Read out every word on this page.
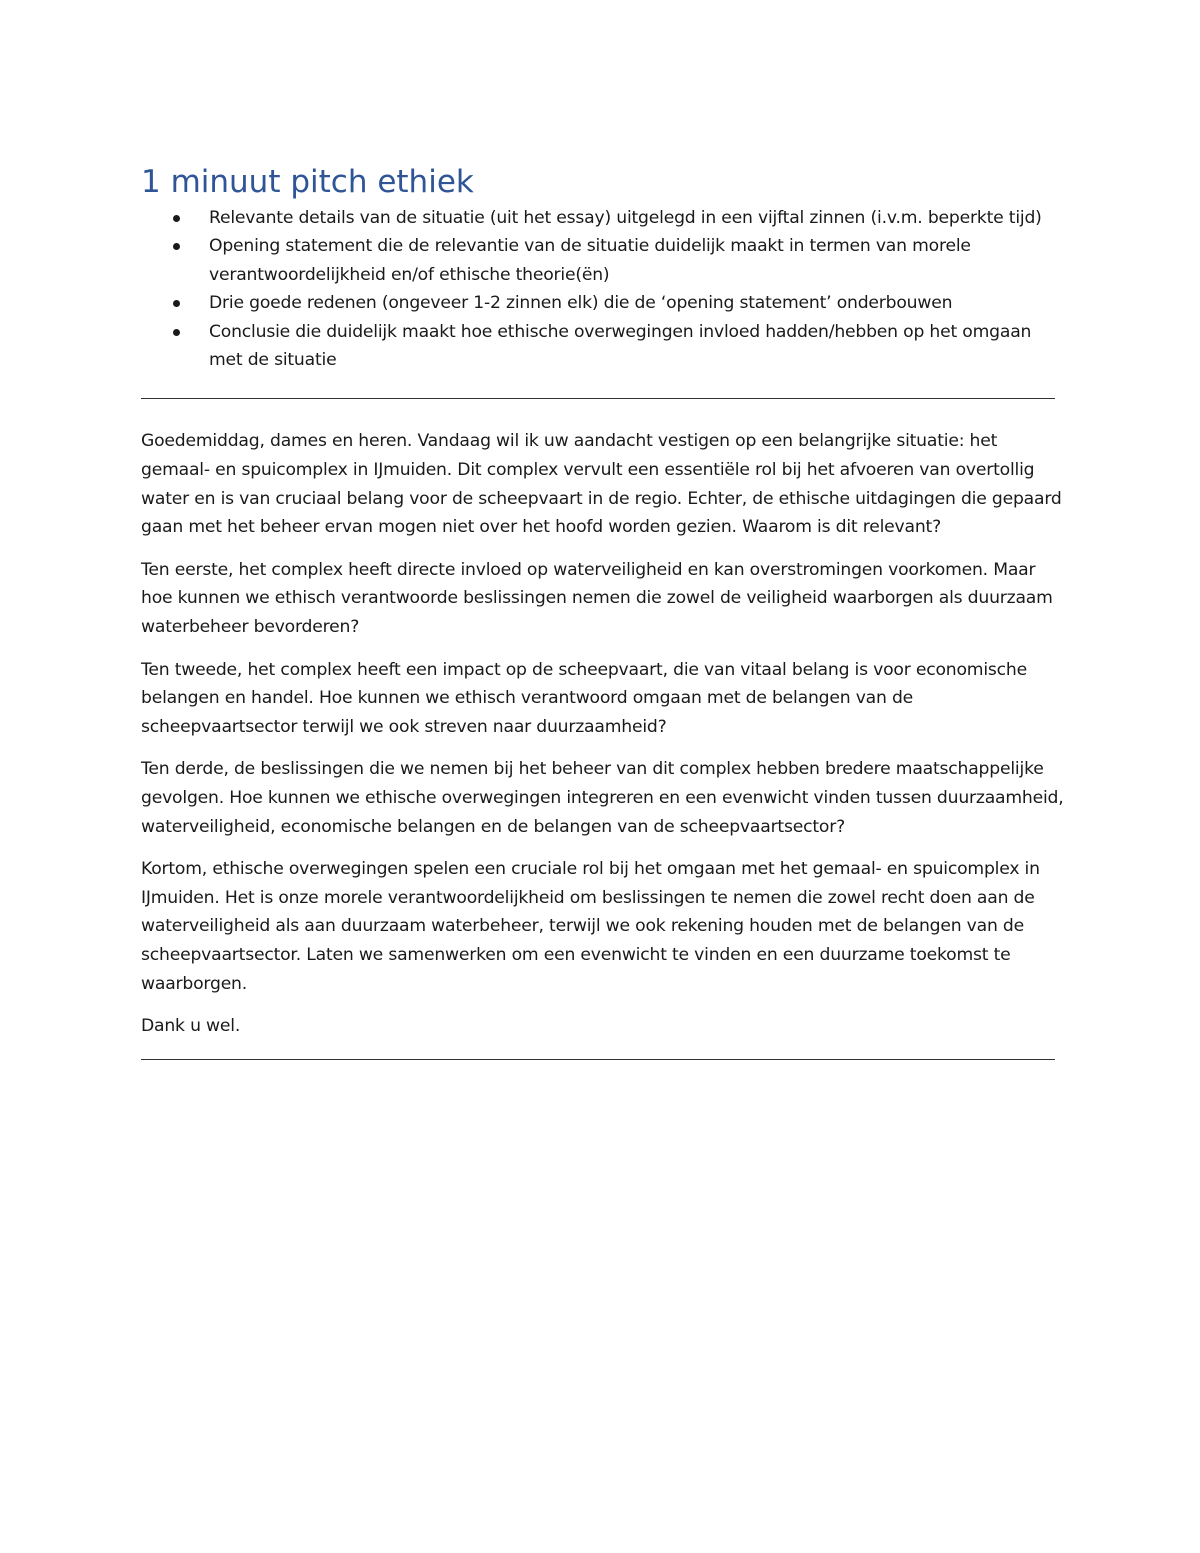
1 minuut pitch ethiek
Relevante details van de situatie (uit het essay) uitgelegd in een vijftal zinnen (i.v.m. beperkte tijd)
Opening statement die de relevantie van de situatie duidelijk maakt in termen van morele verantwoordelijkheid en/of ethische theorie(ën)
Drie goede redenen (ongeveer 1-2 zinnen elk) die de ‘opening statement’ onderbouwen
Conclusie die duidelijk maakt hoe ethische overwegingen invloed hadden/hebben op het omgaan met de situatie

Goedemiddag, dames en heren. Vandaag wil ik uw aandacht vestigen op een belangrijke situatie: het gemaal- en spuicomplex in IJmuiden. Dit complex vervult een essentiële rol bij het afvoeren van overtollig water en is van cruciaal belang voor de scheepvaart in de regio. Echter, de ethische uitdagingen die gepaard gaan met het beheer ervan mogen niet over het hoofd worden gezien. Waarom is dit relevant?

Ten eerste, het complex heeft directe invloed op waterveiligheid en kan overstromingen voorkomen. Maar hoe kunnen we ethisch verantwoorde beslissingen nemen die zowel de veiligheid waarborgen als duurzaam waterbeheer bevorderen?

Ten tweede, het complex heeft een impact op de scheepvaart, die van vitaal belang is voor economische belangen en handel. Hoe kunnen we ethisch verantwoord omgaan met de belangen van de scheepvaartsector terwijl we ook streven naar duurzaamheid?

Ten derde, de beslissingen die we nemen bij het beheer van dit complex hebben bredere maatschappelijke gevolgen. Hoe kunnen we ethische overwegingen integreren en een evenwicht vinden tussen duurzaamheid, waterveiligheid, economische belangen en de belangen van de scheepvaartsector?

Kortom, ethische overwegingen spelen een cruciale rol bij het omgaan met het gemaal- en spuicomplex in IJmuiden. Het is onze morele verantwoordelijkheid om beslissingen te nemen die zowel recht doen aan de waterveiligheid als aan duurzaam waterbeheer, terwijl we ook rekening houden met de belangen van de scheepvaartsector. Laten we samenwerken om een evenwicht te vinden en een duurzame toekomst te waarborgen.

Dank u wel.
